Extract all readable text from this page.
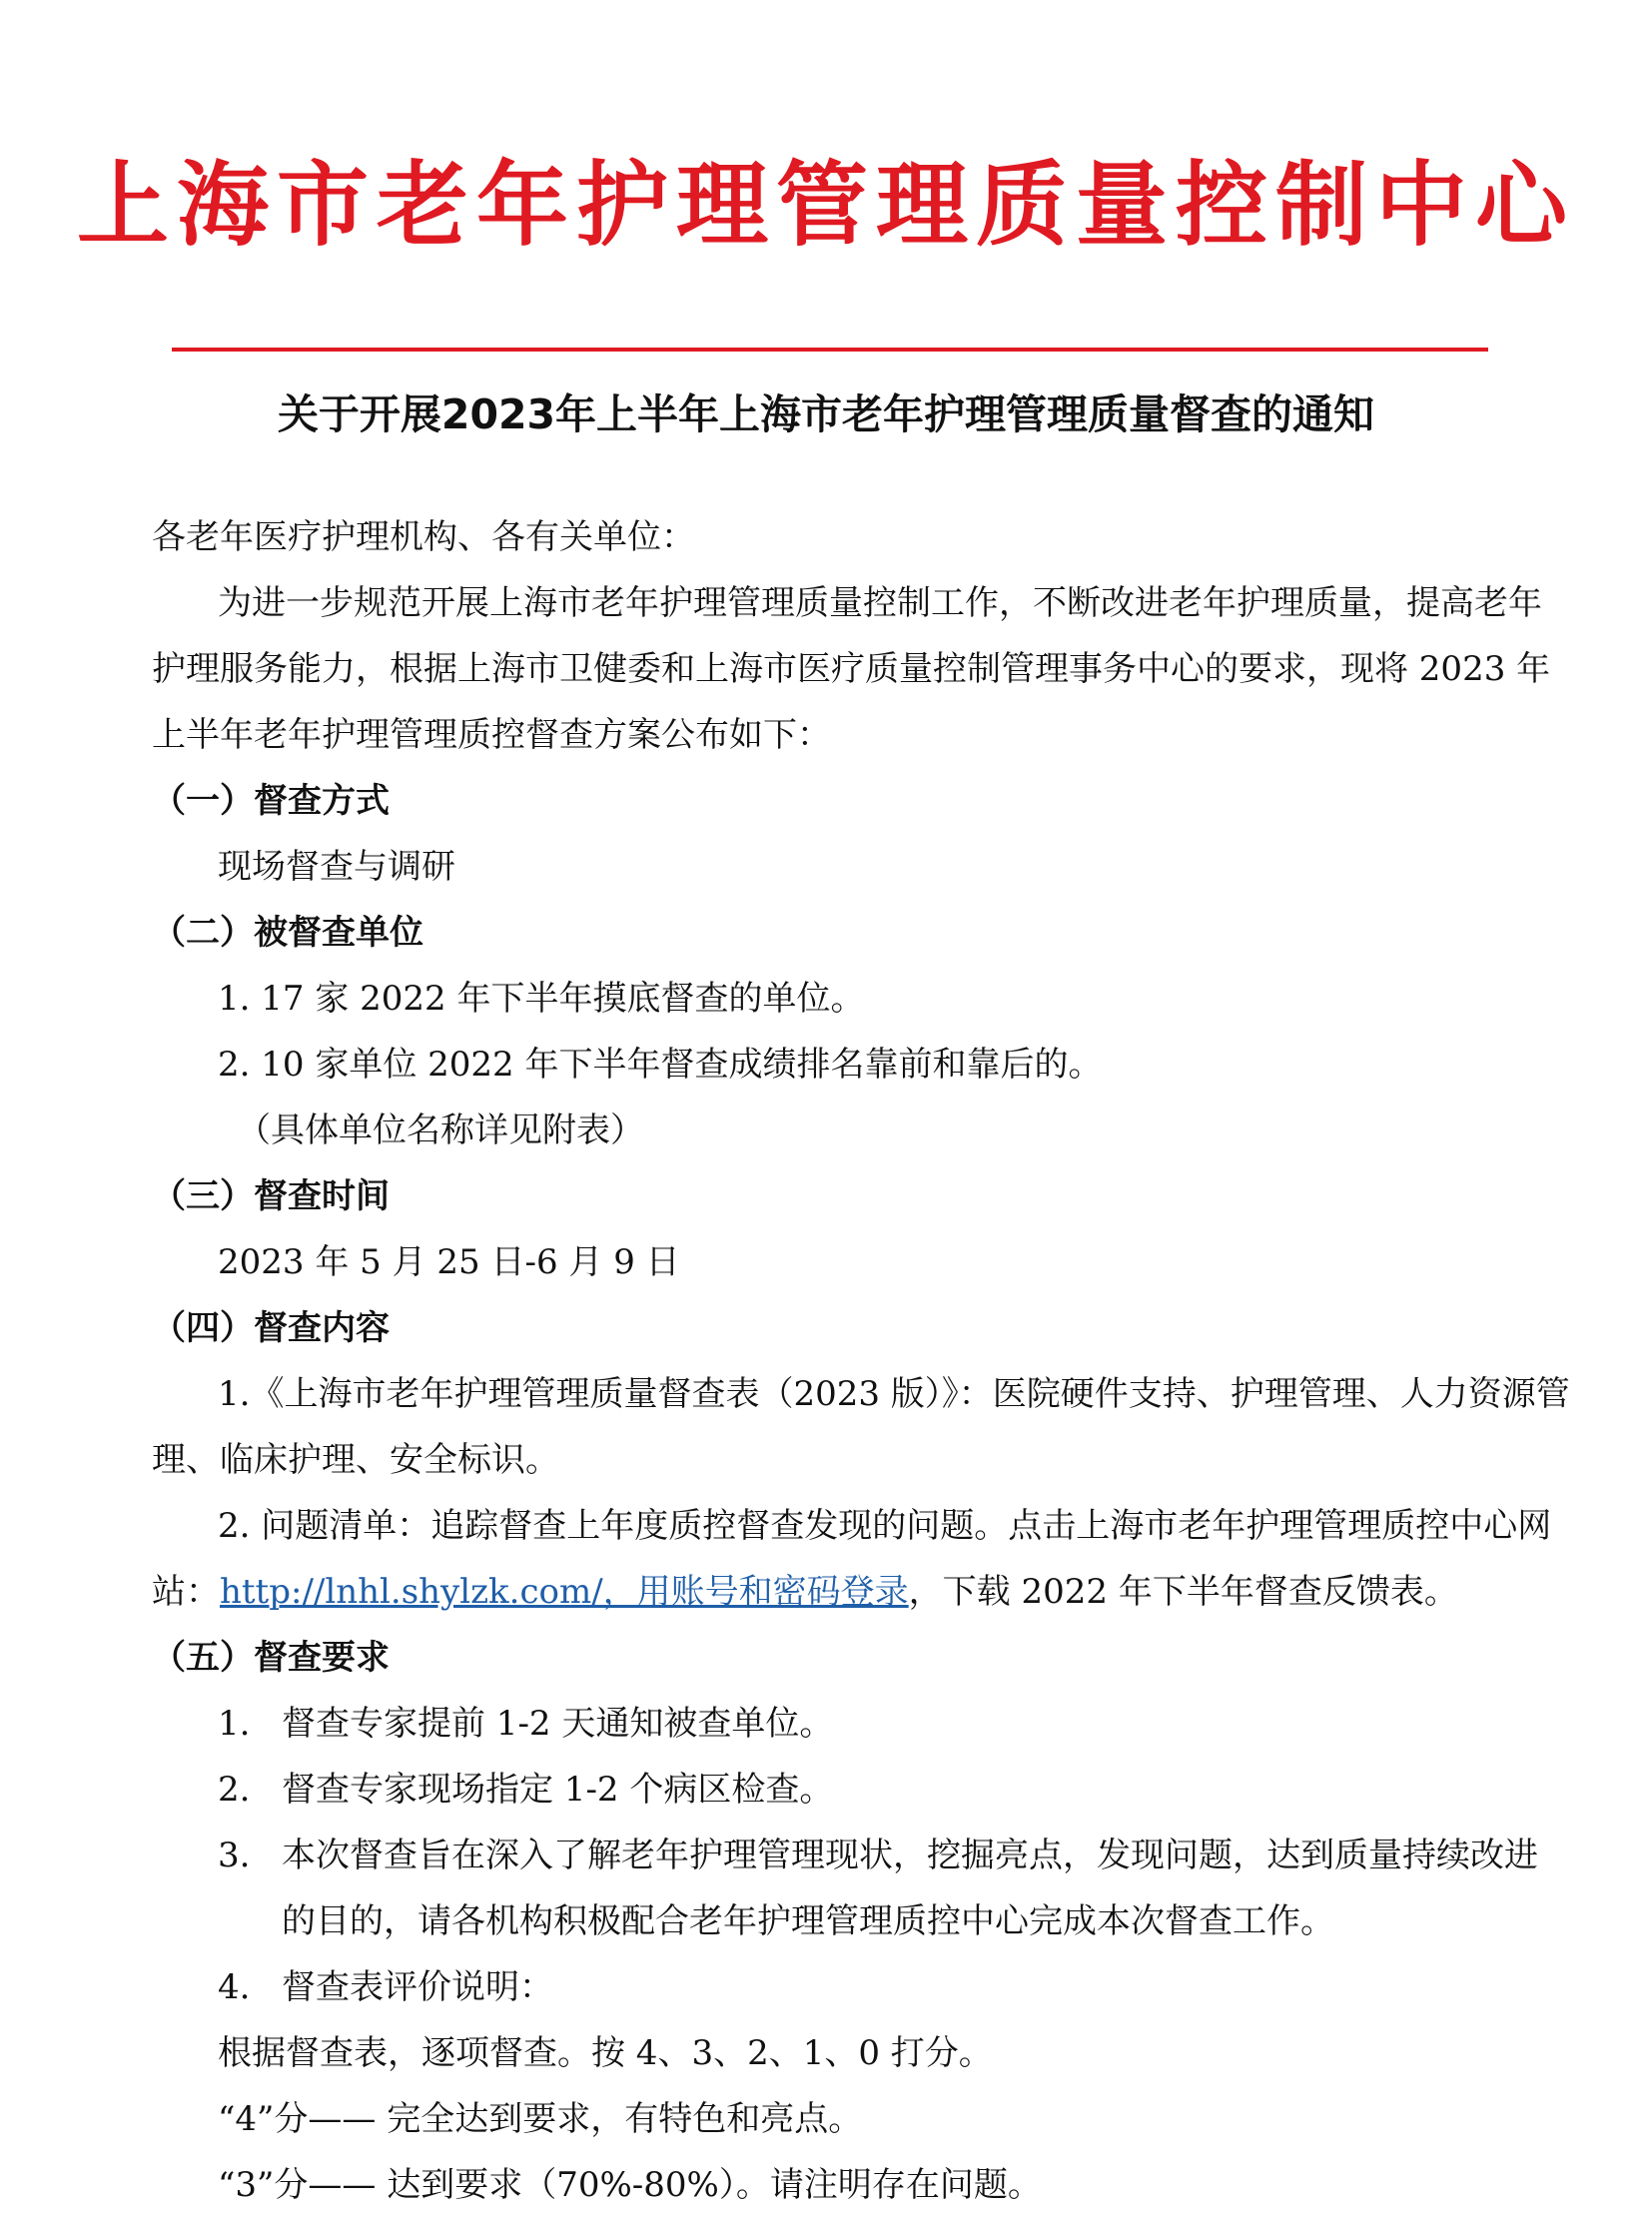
上海市老年护理管理质量控制中心
关于开展2023年上半年上海市老年护理管理质量督查的通知
各老年医疗护理机构、各有关单位：
为进一步规范开展上海市老年护理管理质量控制工作，不断改进老年护理质量，提高老年
护理服务能力，根据上海市卫健委和上海市医疗质量控制管理事务中心的要求，现将 2023 年
上半年老年护理管理质控督查方案公布如下：
（一）督查方式
现场督查与调研
（二）被督查单位
1. 17 家 2022 年下半年摸底督查的单位。
2. 10 家单位 2022 年下半年督查成绩排名靠前和靠后的。
（具体单位名称详见附表）
（三）督查时间
2023 年 5 月 25 日-6 月 9 日
（四）督查内容
1.《上海市老年护理管理质量督查表（2023 版）》：医院硬件支持、护理管理、人力资源管
理、临床护理、安全标识。
2. 问题清单：追踪督查上年度质控督查发现的问题。点击上海市老年护理管理质控中心网
站：http://lnhl.shylzk.com/，用账号和密码登录，下载 2022 年下半年督查反馈表。
（五）督查要求
1. 督查专家提前 1-2 天通知被查单位。
2. 督查专家现场指定 1-2 个病区检查。
3. 本次督查旨在深入了解老年护理管理现状，挖掘亮点，发现问题，达到质量持续改进
的目的，请各机构积极配合老年护理管理质控中心完成本次督查工作。
4. 督查表评价说明：
根据督查表，逐项督查。按 4、3、2、1、0 打分。
“4”分—— 完全达到要求，有特色和亮点。
“3”分—— 达到要求（70%-80%）。请注明存在问题。
